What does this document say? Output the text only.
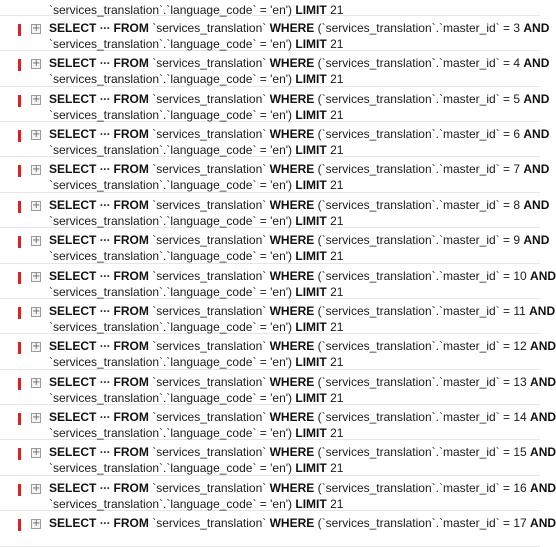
`services_translation`.`language_code` = 'en') LIMIT 21
+ SELECT ··· FROM `services_translation` WHERE (`services_translation`.`master_id` = 3 AND
`services_translation`.`language_code` = 'en') LIMIT 21
+ SELECT ··· FROM `services_translation` WHERE (`services_translation`.`master_id` = 4 AND
`services_translation`.`language_code` = 'en') LIMIT 21
+ SELECT ··· FROM `services_translation` WHERE (`services_translation`.`master_id` = 5 AND
`services_translation`.`language_code` = 'en') LIMIT 21
+ SELECT ··· FROM `services_translation` WHERE (`services_translation`.`master_id` = 6 AND
`services_translation`.`language_code` = 'en') LIMIT 21
+ SELECT ··· FROM `services_translation` WHERE (`services_translation`.`master_id` = 7 AND
`services_translation`.`language_code` = 'en') LIMIT 21
+ SELECT ··· FROM `services_translation` WHERE (`services_translation`.`master_id` = 8 AND
`services_translation`.`language_code` = 'en') LIMIT 21
+ SELECT ··· FROM `services_translation` WHERE (`services_translation`.`master_id` = 9 AND
`services_translation`.`language_code` = 'en') LIMIT 21
+ SELECT ··· FROM `services_translation` WHERE (`services_translation`.`master_id` = 10 AND
`services_translation`.`language_code` = 'en') LIMIT 21
+ SELECT ··· FROM `services_translation` WHERE (`services_translation`.`master_id` = 11 AND
`services_translation`.`language_code` = 'en') LIMIT 21
+ SELECT ··· FROM `services_translation` WHERE (`services_translation`.`master_id` = 12 AND
`services_translation`.`language_code` = 'en') LIMIT 21
+ SELECT ··· FROM `services_translation` WHERE (`services_translation`.`master_id` = 13 AND
`services_translation`.`language_code` = 'en') LIMIT 21
+ SELECT ··· FROM `services_translation` WHERE (`services_translation`.`master_id` = 14 AND
`services_translation`.`language_code` = 'en') LIMIT 21
+ SELECT ··· FROM `services_translation` WHERE (`services_translation`.`master_id` = 15 AND
`services_translation`.`language_code` = 'en') LIMIT 21
+ SELECT ··· FROM `services_translation` WHERE (`services_translation`.`master_id` = 16 AND
`services_translation`.`language_code` = 'en') LIMIT 21
+ SELECT ··· FROM `services_translation` WHERE (`services_translation`.`master_id` = 17 AND
